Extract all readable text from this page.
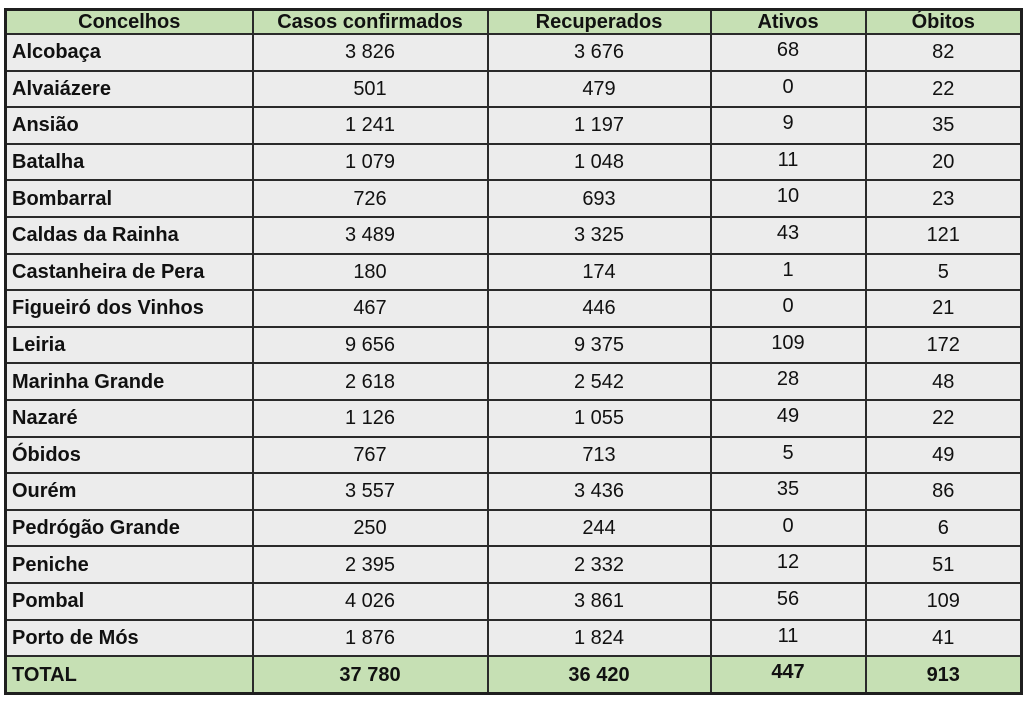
Concelhos	Casos confirmados	Recuperados	Ativos	Óbitos
Alcobaça	3 826	3 676	68	82
Alvaiázere	501	479	0	22
Ansião	1 241	1 197	9	35
Batalha	1 079	1 048	11	20
Bombarral	726	693	10	23
Caldas da Rainha	3 489	3 325	43	121
Castanheira de Pera	180	174	1	5
Figueiró dos Vinhos	467	446	0	21
Leiria	9 656	9 375	109	172
Marinha Grande	2 618	2 542	28	48
Nazaré	1 126	1 055	49	22
Óbidos	767	713	5	49
Ourém	3 557	3 436	35	86
Pedrógão Grande	250	244	0	6
Peniche	2 395	2 332	12	51
Pombal	4 026	3 861	56	109
Porto de Mós	1 876	1 824	11	41
TOTAL	37 780	36 420	447	913
